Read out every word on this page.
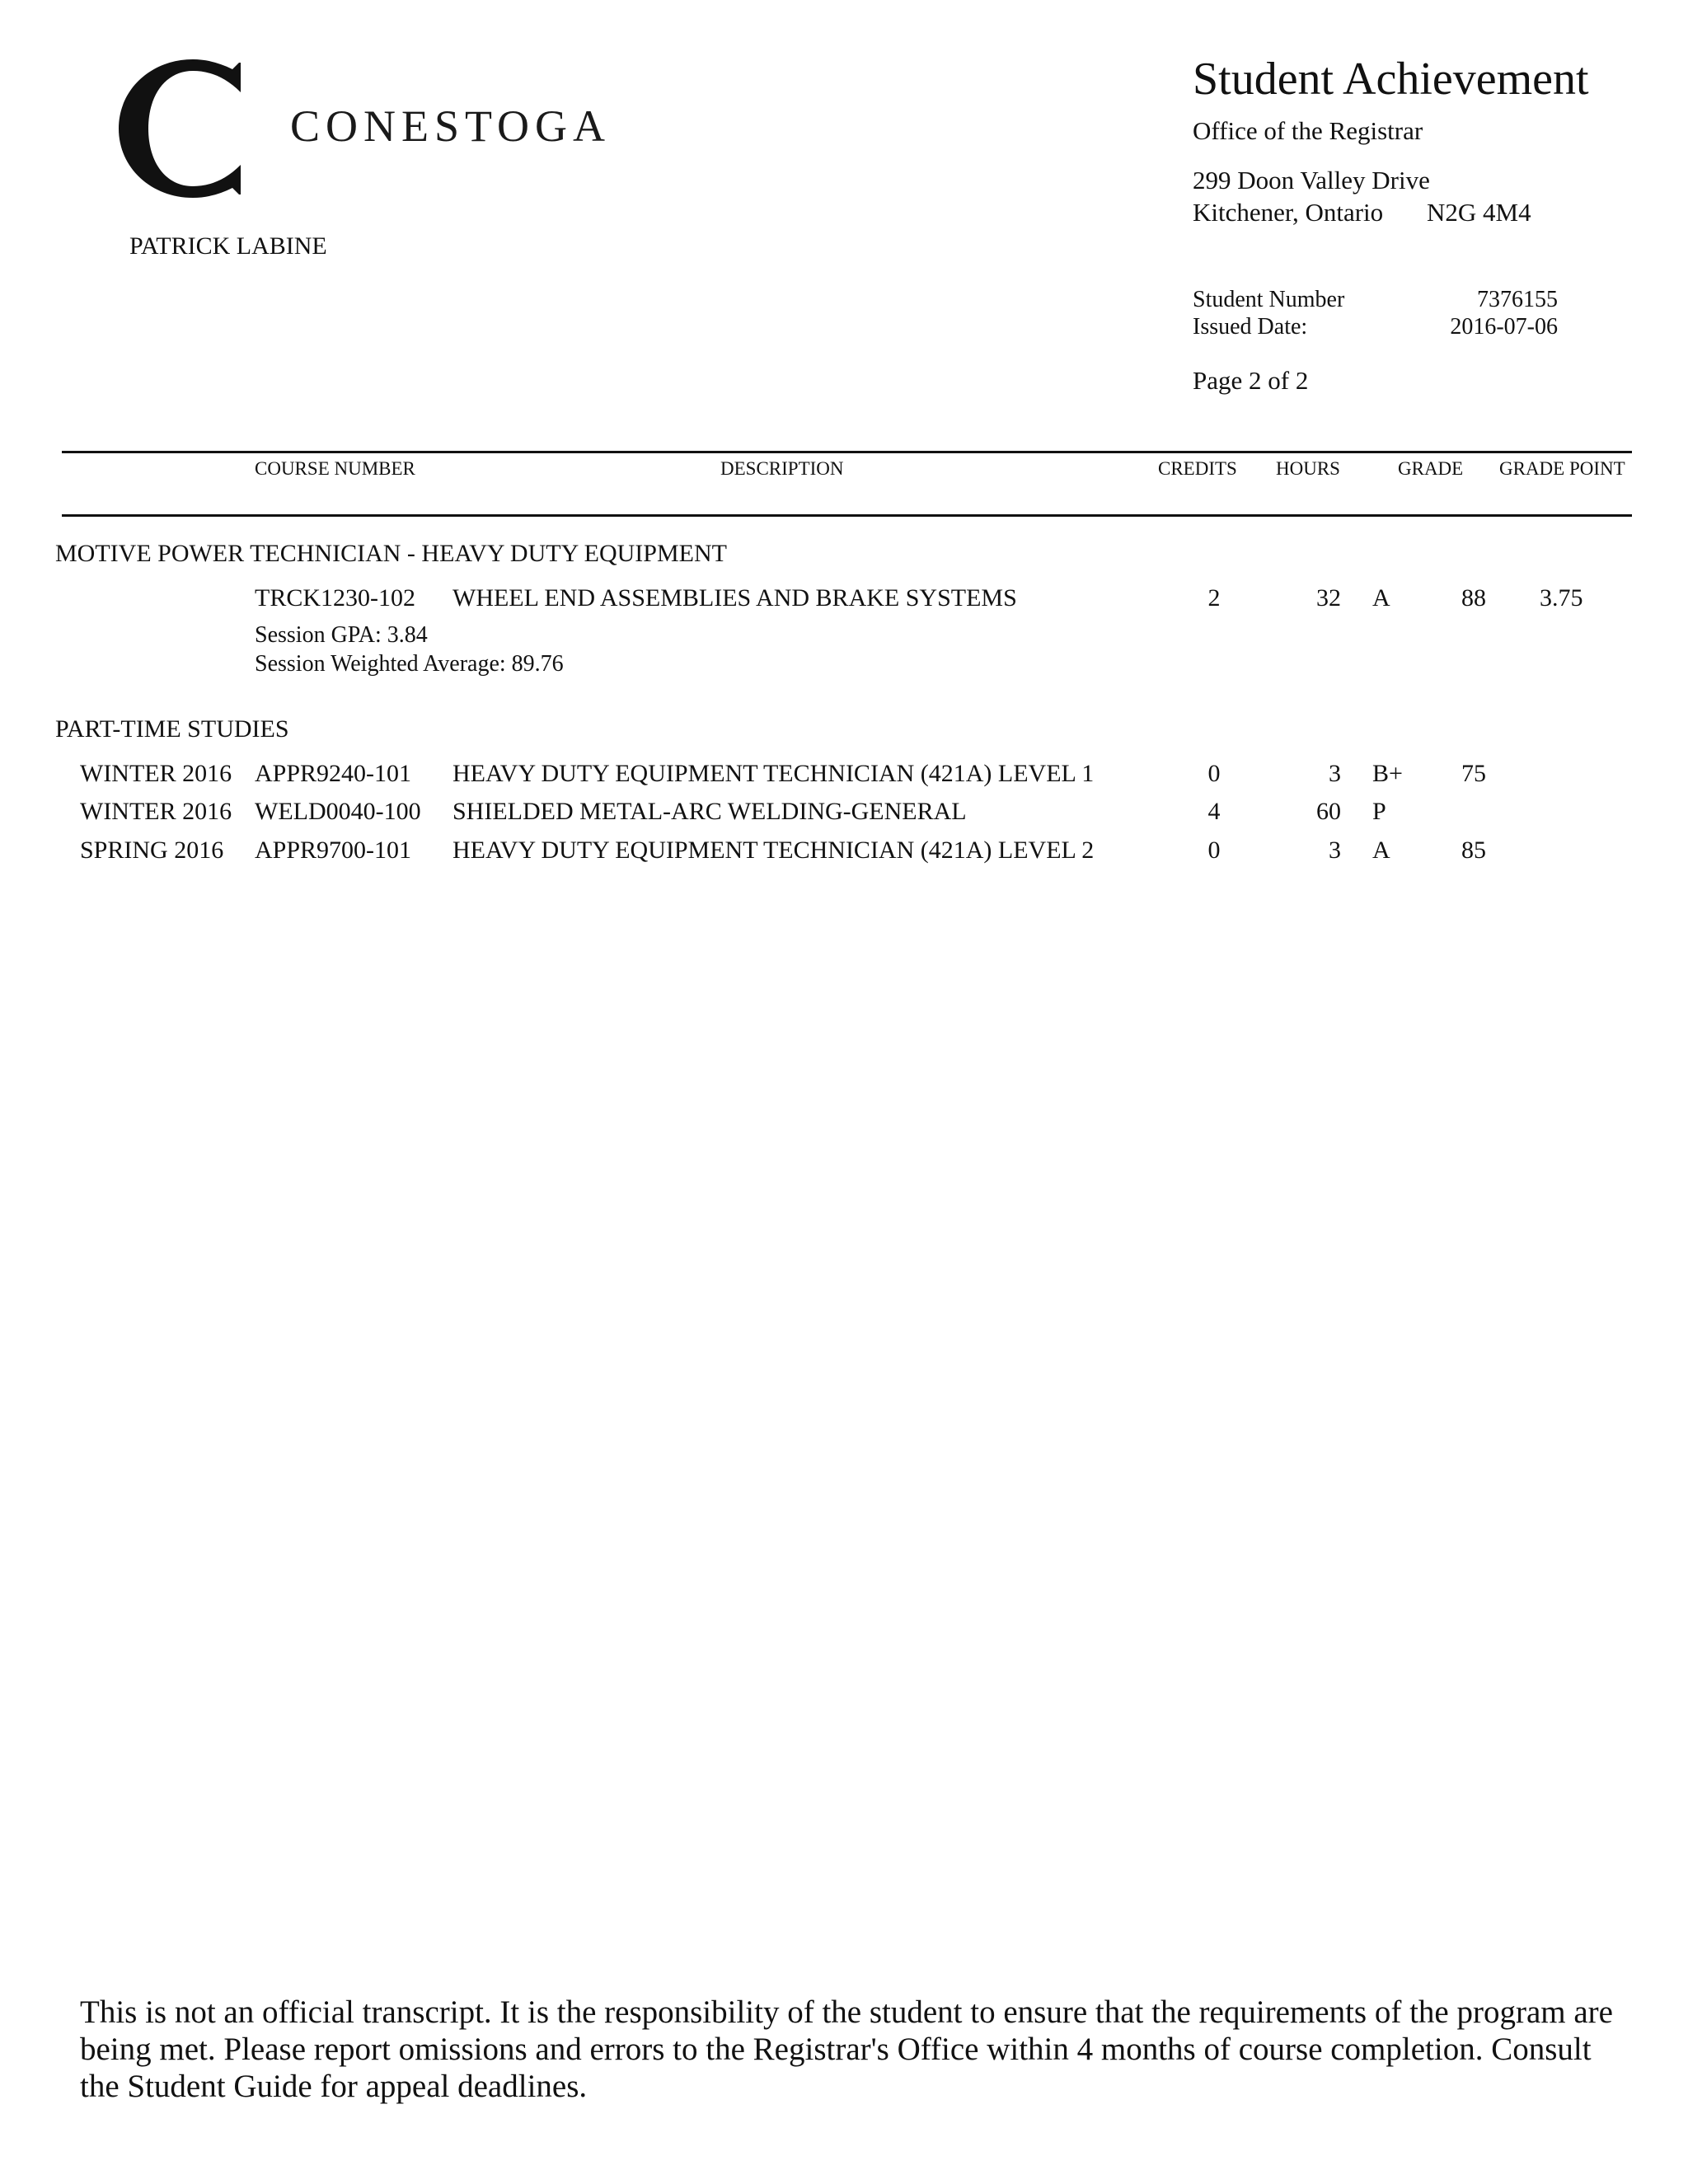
CONESTOGA
PATRICK LABINE
Student Achievement
Office of the Registrar
299 Doon Valley Drive
Kitchener, Ontario N2G 4M4
Student Number	7376155
Issued Date:	2016-07-06
Page 2 of 2
COURSE NUMBER	DESCRIPTION	CREDITS HOURS	GRADE GRADE POINT
MOTIVE POWER TECHNICIAN - HEAVY DUTY EQUIPMENT
TRCK1230-102 WHEEL END ASSEMBLIES AND BRAKE SYSTEMS	2	32 A	88 3.75
Session GPA: 3.84
Session Weighted Average: 89.76
PART-TIME STUDIES
WINTER 2016 APPR9240-101 HEAVY DUTY EQUIPMENT TECHNICIAN (421A) LEVEL 1	0	3 B+ 75
WINTER 2016 WELD0040-100 SHIELDED METAL-ARC WELDING-GENERAL	4	60 P
SPRING 2016 APPR9700-101 HEAVY DUTY EQUIPMENT TECHNICIAN (421A) LEVEL 2	0	3 A	85
This is not an official transcript. It is the responsibility of the student to ensure that the requirements of the program are being met. Please report omissions and errors to the Registrar's Office within 4 months of course completion. Consult the Student Guide for appeal deadlines.
